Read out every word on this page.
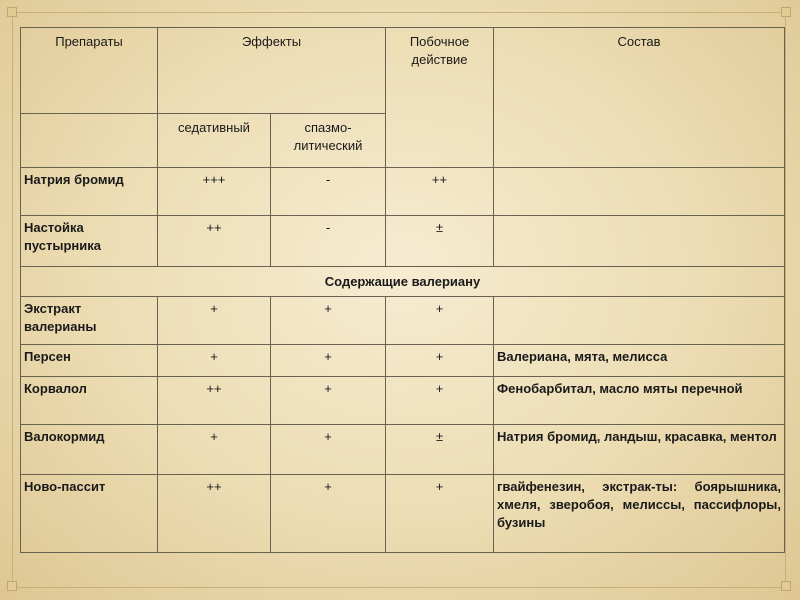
Препараты	Эффекты		Побочное действие	Состав
	седативный	спазмо-литический		
Натрия бромид	+++	-	++	
Настойка пустырника	++	-	±	
Содержащие валериану				
Экстракт валерианы	+	+	+	
Персен	+	+	+	Валериана, мята, мелисса
Корвалол	++	+	+	Фенобарбитал, масло мяты перечной
Валокормид	+	+	±	Натрия бромид, ландыш, красавка, ментол
Ново-пассит	++	+	+	гвайфенезин, экстрак-ты: боярышника, хмеля, зверобоя, мелиссы, пассифлоры, бузины
